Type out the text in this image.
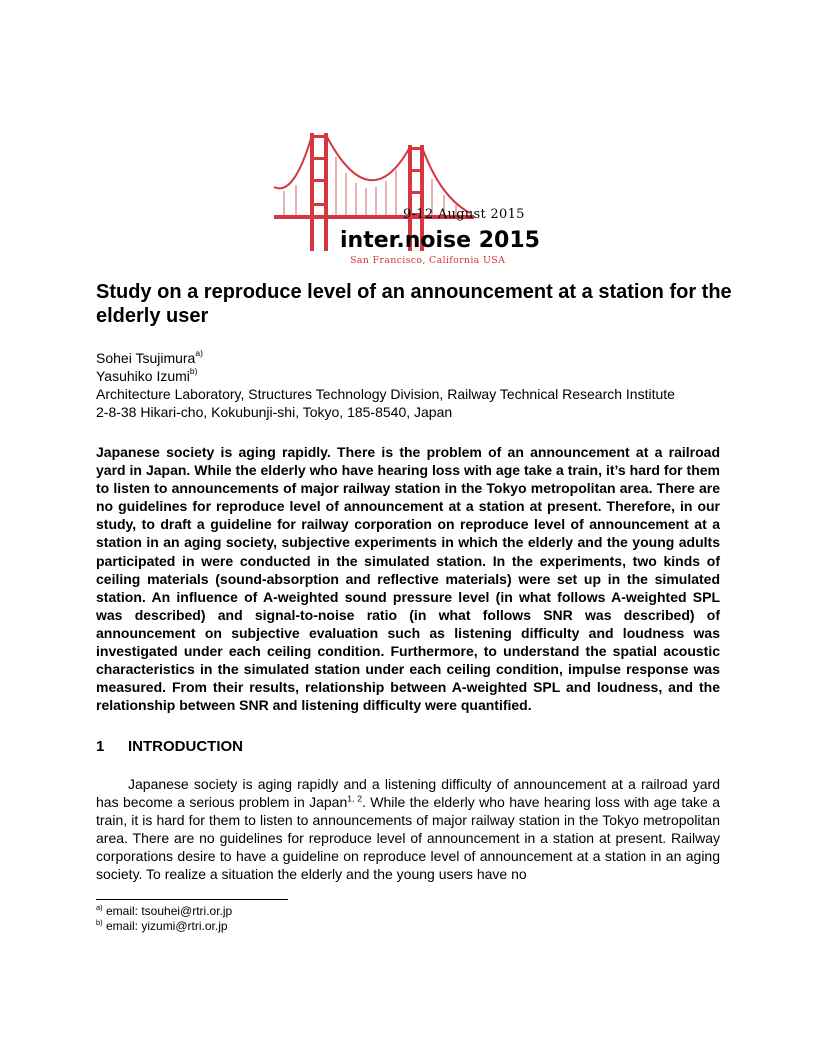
9-12 August 2015
inter.noise 2015
San Francisco, California USA
Study on a reproduce level of an announcement at a station for the elderly user
Sohei Tsujimura$^{a)}$
Yasuhiko Izumi$^{b)}$
Architecture Laboratory, Structures Technology Division, Railway Technical Research Institute
2-8-38 Hikari-cho, Kokubunji-shi, Tokyo, 185-8540, Japan

Japanese society is aging rapidly. There is the problem of an announcement at a railroad yard in Japan. While the elderly who have hearing loss with age take a train, it’s hard for them to listen to announcements of major railway station in the Tokyo metropolitan area. There are no guidelines for reproduce level of announcement at a station at present. Therefore, in our study, to draft a guideline for railway corporation on reproduce level of announcement at a station in an aging society, subjective experiments in which the elderly and the young adults participated in were conducted in the simulated station. In the experiments, two kinds of ceiling materials (sound-absorption and reflective materials) were set up in the simulated station. An influence of A-weighted sound pressure level (in what follows A-weighted SPL was described) and signal-to-noise ratio (in what follows SNR was described) of announcement on subjective evaluation such as listening difficulty and loudness was investigated under each ceiling condition. Furthermore, to understand the spatial acoustic characteristics in the simulated station under each ceiling condition, impulse response was measured. From their results, relationship between A-weighted SPL and loudness, and the relationship between SNR and listening difficulty were quantified.

1 INTRODUCTION

Japanese society is aging rapidly and a listening difficulty of announcement at a railroad yard has become a serious problem in Japan$^{1, 2}$. While the elderly who have hearing loss with age take a train, it is hard for them to listen to announcements of major railway station in the Tokyo metropolitan area. There are no guidelines for reproduce level of announcement in a station at present. Railway corporations desire to have a guideline on reproduce level of announcement at a station in an aging society. To realize a situation the elderly and the young users have no

$^{a)}$ email: tsouhei@rtri.or.jp
$^{b)}$ email: yizumi@rtri.or.jp
